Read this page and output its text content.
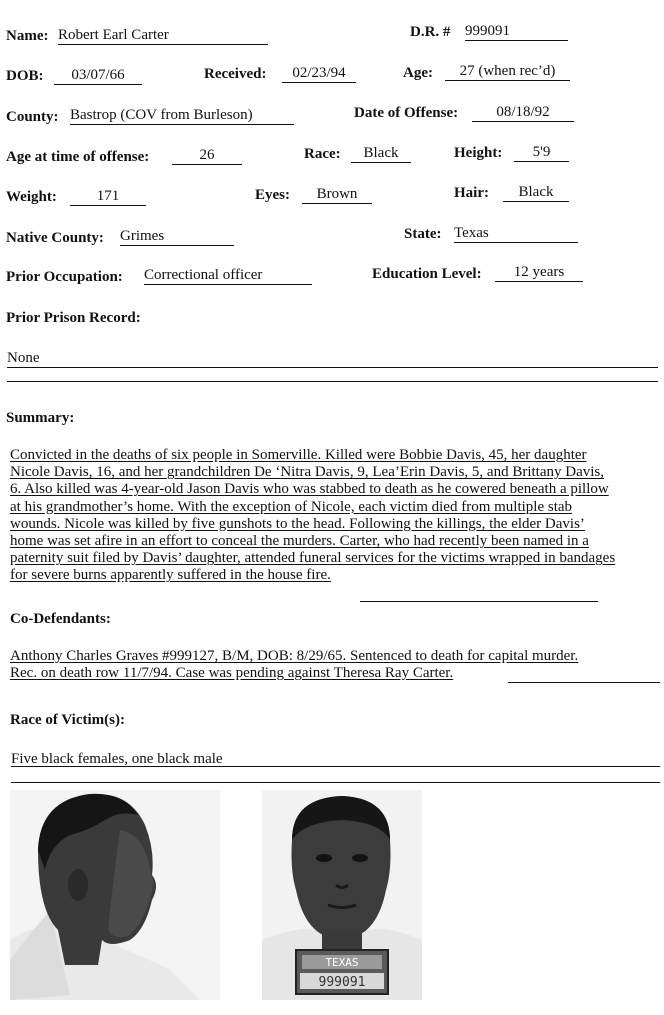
Name: Robert Earl Carter	D.R. # 999091
DOB:	03/07/66	Received:	02/23/94	Age:	27 (when rec’d)
County: Bastrop (COV from Burleson)	Date of Offense:	08/18/92
Age at time of offense:	26	Race:	Black	Height:	5'9
Weight:	171	Eyes:	Brown	Hair:	Black
Native County: Grimes	State: Texas
Prior Occupation: Correctional officer	Education Level:	12 years
Prior Prison Record:
None
Summary:
Convicted in the deaths of six people in Somerville. Killed were Bobbie Davis, 45, her daughter
Nicole Davis, 16, and her grandchildren De ‘Nitra Davis, 9, Lea’Erin Davis, 5, and Brittany Davis,
6. Also killed was 4-year-old Jason Davis who was stabbed to death as he cowered beneath a pillow
at his grandmother’s home. With the exception of Nicole, each victim died from multiple stab
wounds. Nicole was killed by five gunshots to the head. Following the killings, the elder Davis’
home was set afire in an effort to conceal the murders. Carter, who had recently been named in a
paternity suit filed by Davis’ daughter, attended funeral services for the victims wrapped in bandages
for severe burns apparently suffered in the house fire.
Co-Defendants:
Anthony Charles Graves #999127, B/M, DOB: 8/29/65. Sentenced to death for capital murder.
Rec. on death row 11/7/94. Case was pending against Theresa Ray Carter.
Race of Victim(s):
Five black females, one black male
TEXAS
999091
